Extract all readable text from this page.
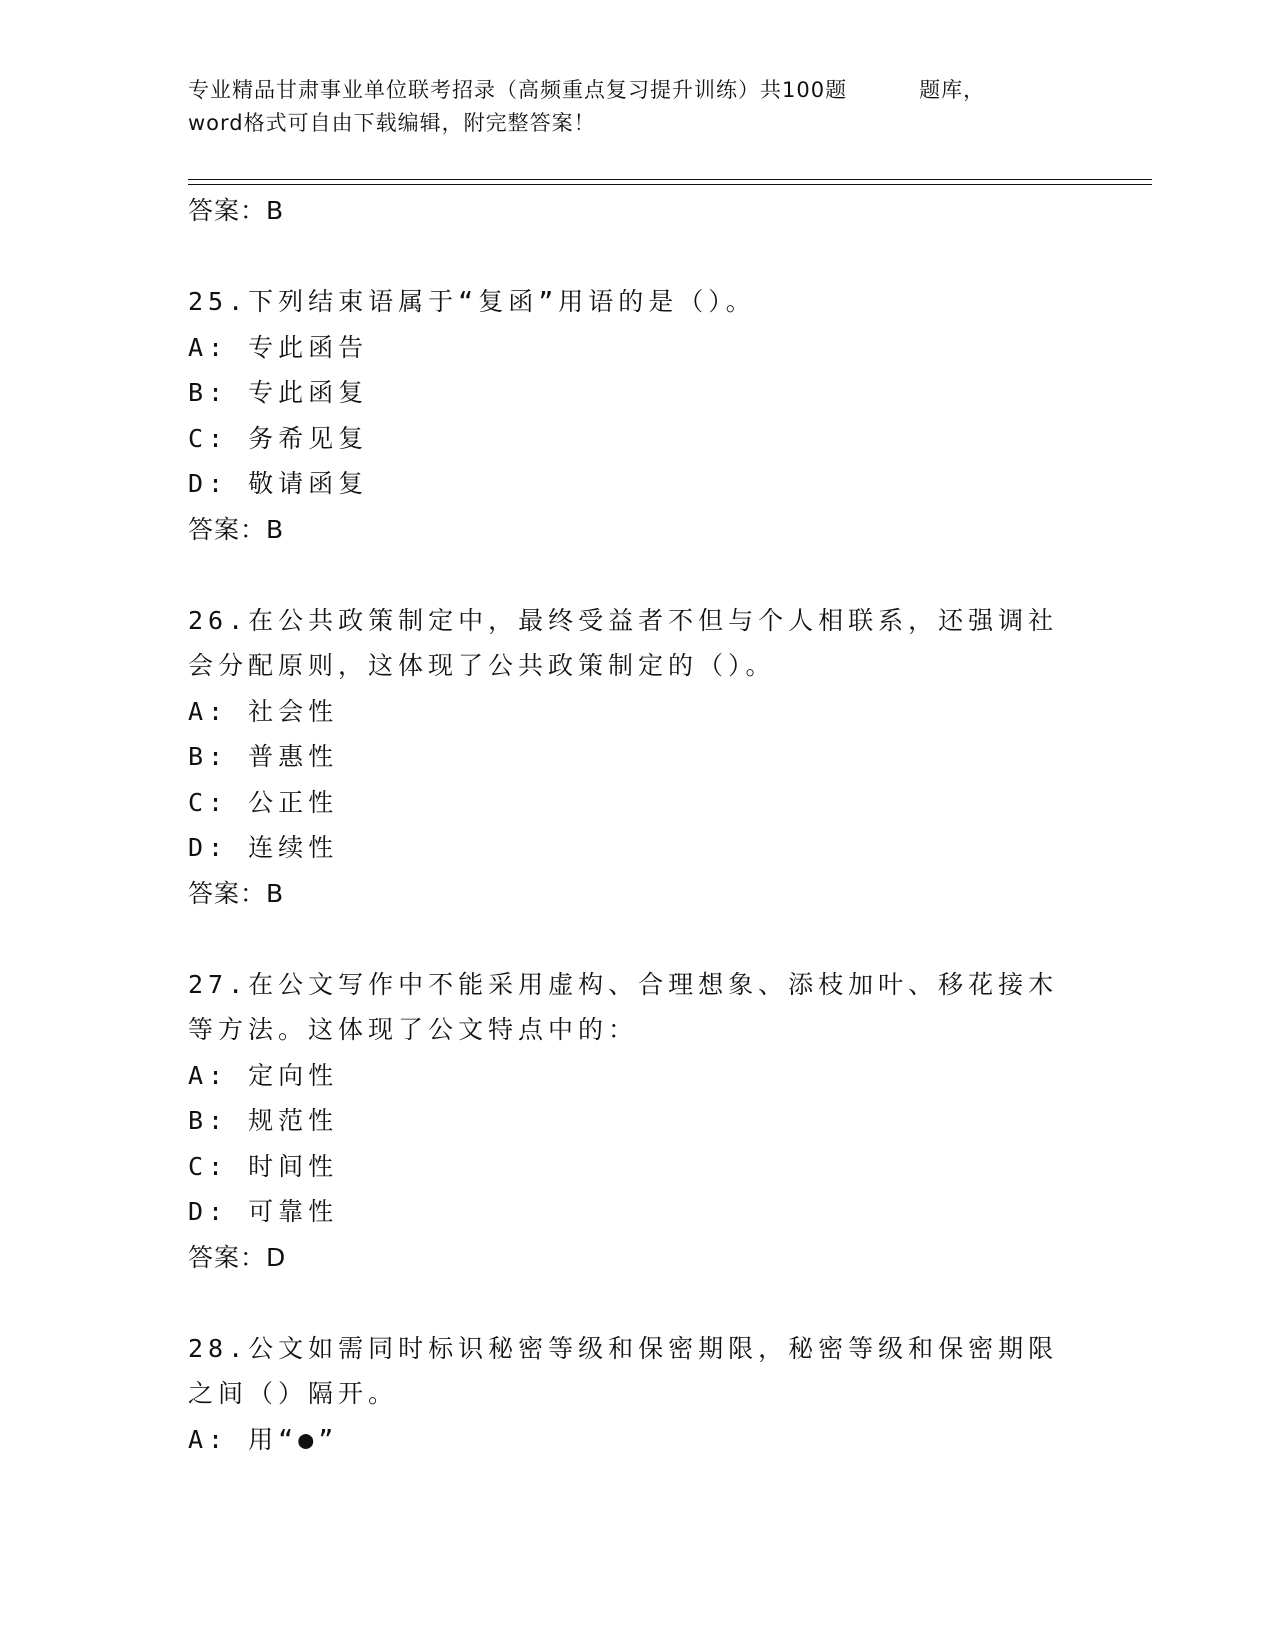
专业精品甘肃事业单位联考招录（高频重点复习提升训练）共100题	题库，
word格式可自由下载编辑，附完整答案！
答案：B
25.下列结束语属于“复函”用语的是（）。
A: 专此函告
B: 专此函复
C: 务希见复
D: 敬请函复
答案：B
26.在公共政策制定中，最终受益者不但与个人相联系，还强调社会分配原则，这体现了公共政策制定的（）。
A: 社会性
B: 普惠性
C: 公正性
D: 连续性
答案：B
27.在公文写作中不能采用虚构、合理想象、添枝加叶、移花接木等方法。这体现了公文特点中的：
A: 定向性
B: 规范性
C: 时间性
D: 可靠性
答案：D
28.公文如需同时标识秘密等级和保密期限，秘密等级和保密期限之间（）隔开。
A: 用“●”
